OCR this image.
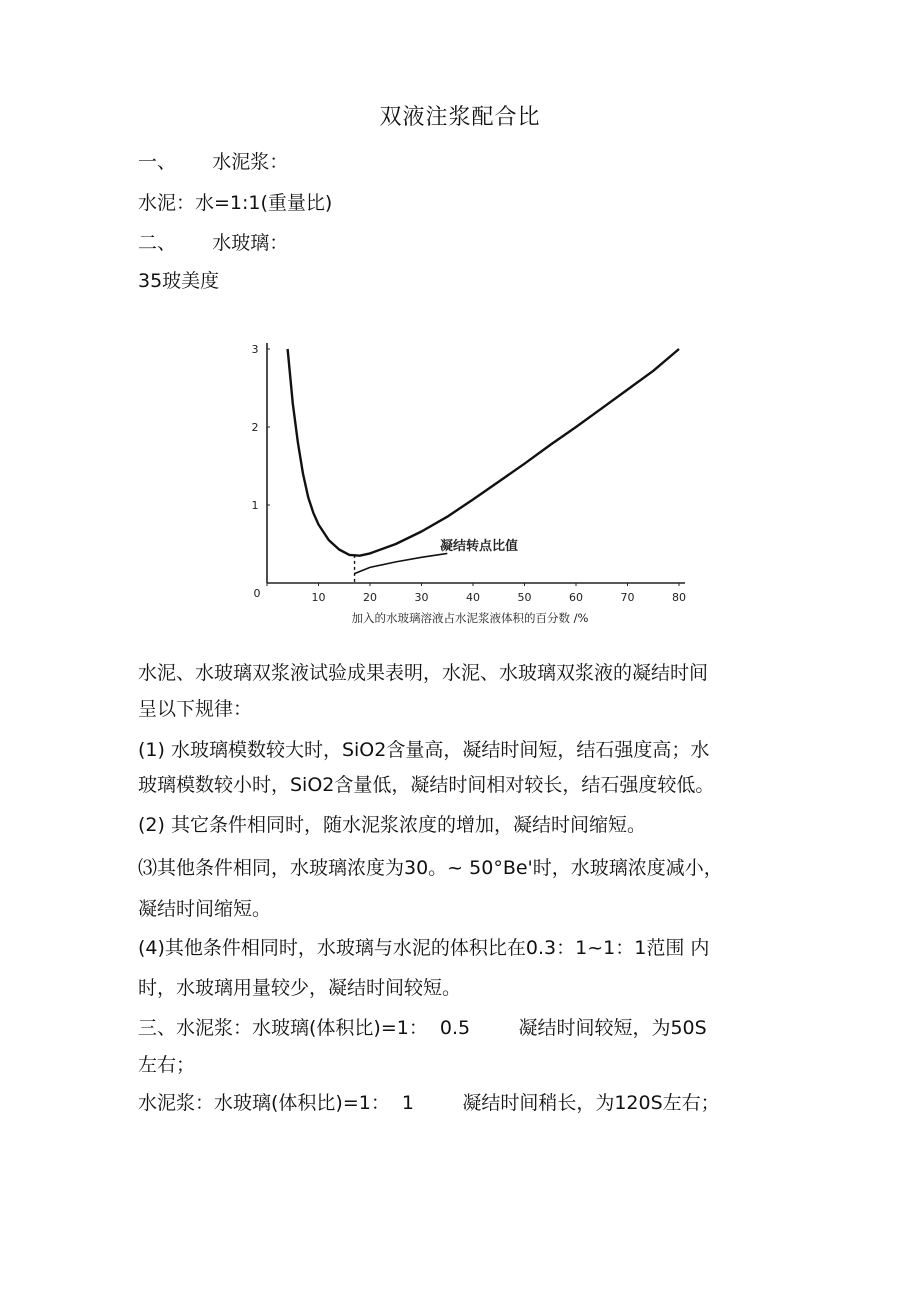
双液注浆配合比
一、      水泥浆：
水泥：水=1:1(重量比)
二、      水玻璃：
35玻美度
0	10	20	30	40	50	60	70	80
1
2
3
凝结转点比值
加入的水玻璃溶液占水泥浆液体积的百分数 /%
水泥、水玻璃双浆液试验成果表明，水泥、水玻璃双浆液的凝结时间
呈以下规律：
(1) 水玻璃模数较大时，SiO2含量高，凝结时间短，结石强度高；水
玻璃模数较小时，SiO2含量低，凝结时间相对较长，结石强度较低。
(2) 其它条件相同时，随水泥浆浓度的增加，凝结时间缩短。
⑶其他条件相同，水玻璃浓度为30。~ 50°Be'时，水玻璃浓度减小，
凝结时间缩短。
(4)其他条件相同时，水玻璃与水泥的体积比在0.3：1~1：1范围 内
时，水玻璃用量较少，凝结时间较短。
三、水泥浆：水玻璃(体积比)=1：  0.5        凝结时间较短，为50S
左右；
水泥浆：水玻璃(体积比)=1：  1        凝结时间稍长，为120S左右；
